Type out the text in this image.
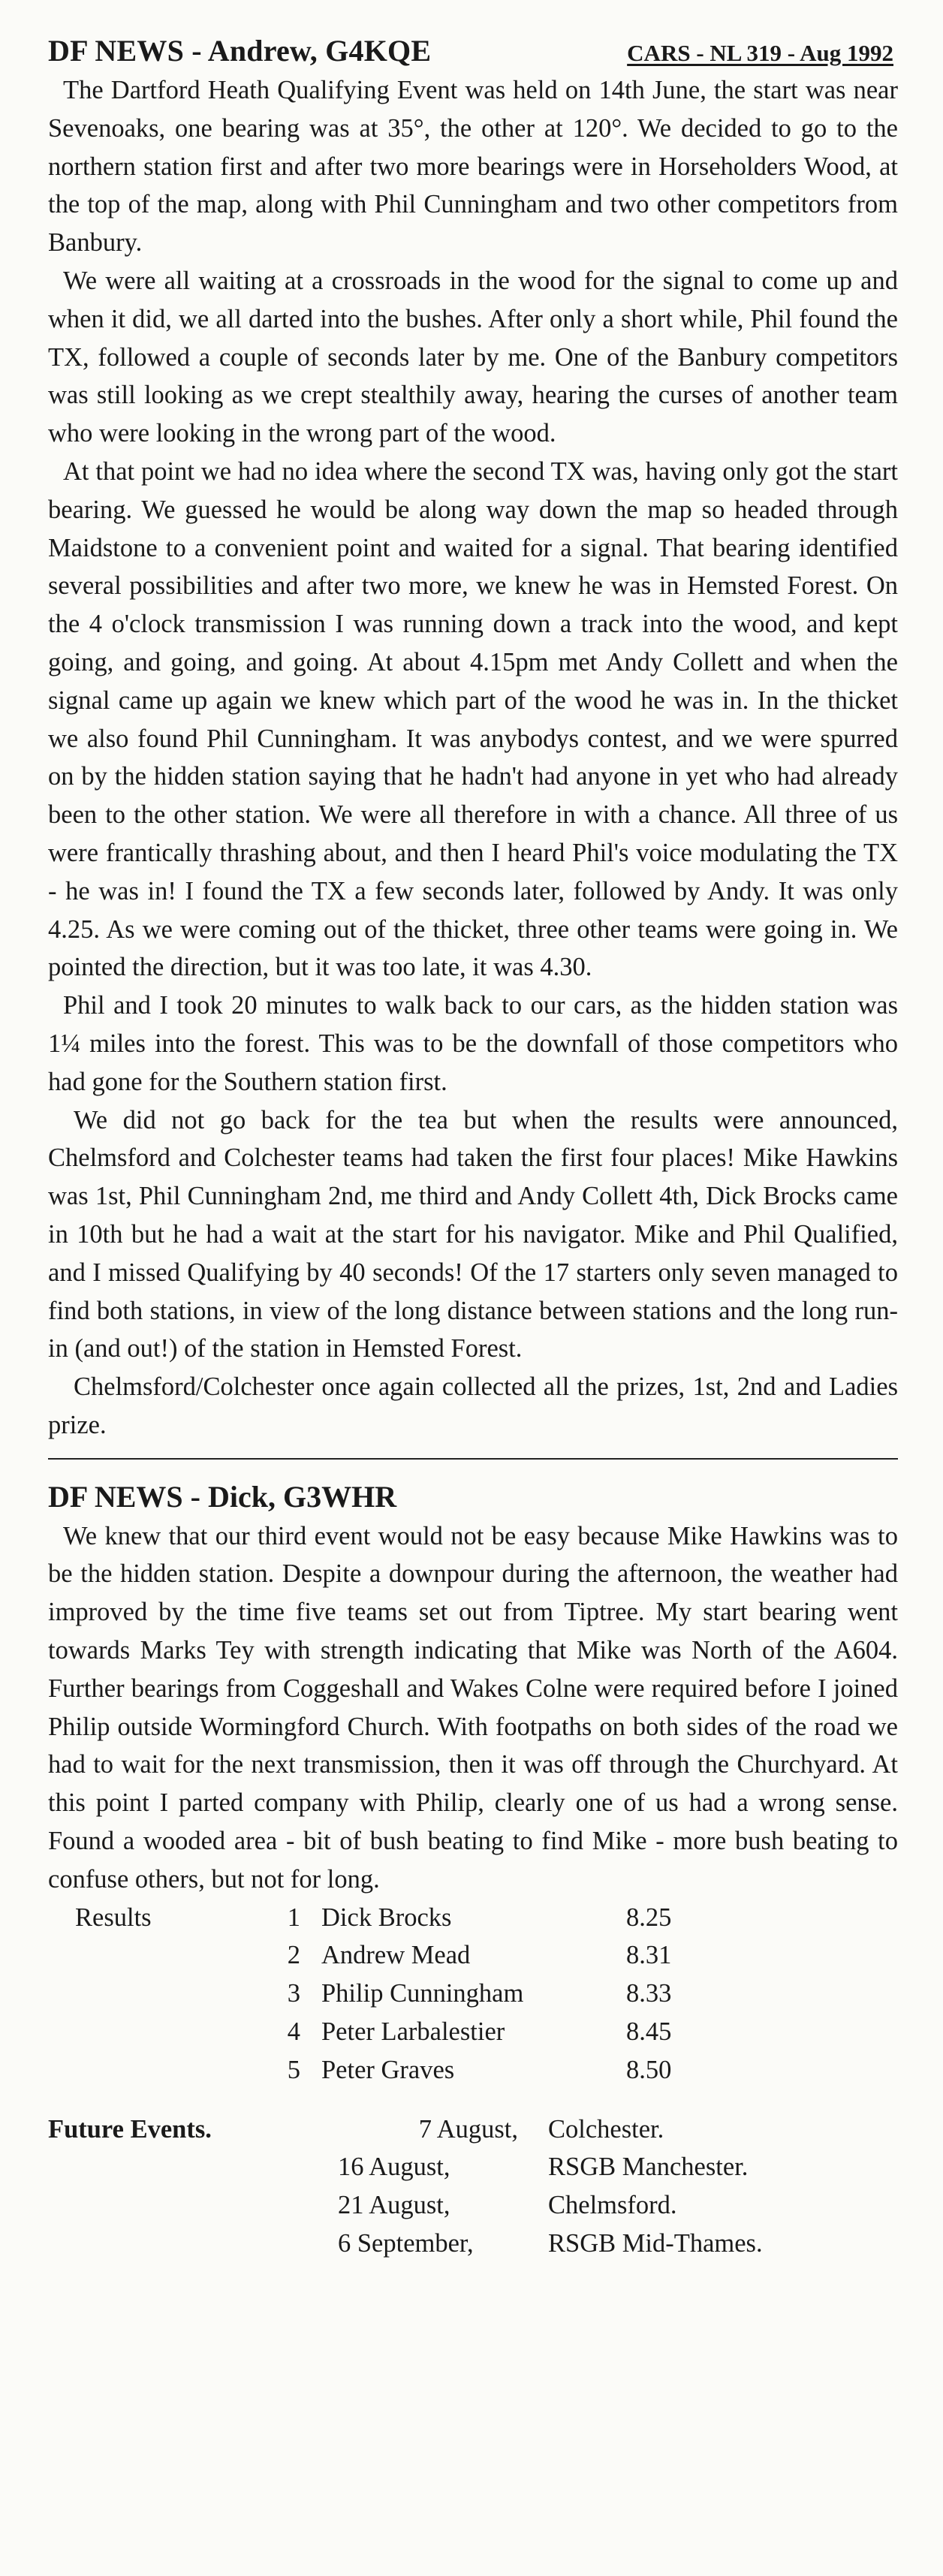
DF NEWS - Andrew, G4KQE	CARS - NL 319 - Aug 1992

The Dartford Heath Qualifying Event was held on 14th June, the start was near Sevenoaks, one bearing was at 35°, the other at 120°. We decided to go to the northern station first and after two more bearings were in Horseholders Wood, at the top of the map, along with Phil Cunningham and two other competitors from Banbury.

We were all waiting at a crossroads in the wood for the signal to come up and when it did, we all darted into the bushes. After only a short while, Phil found the TX, followed a couple of seconds later by me. One of the Banbury competitors was still looking as we crept stealthily away, hearing the curses of another team who were looking in the wrong part of the wood.

At that point we had no idea where the second TX was, having only got the start bearing. We guessed he would be along way down the map so headed through Maidstone to a convenient point and waited for a signal. That bearing identified several possibilities and after two more, we knew he was in Hemsted Forest. On the 4 o'clock transmission I was running down a track into the wood, and kept going, and going, and going. At about 4.15pm met Andy Collett and when the signal came up again we knew which part of the wood he was in. In the thicket we also found Phil Cunningham. It was anybodys contest, and we were spurred on by the hidden station saying that he hadn't had anyone in yet who had already been to the other station. We were all therefore in with a chance. All three of us were frantically thrashing about, and then I heard Phil's voice modulating the TX - he was in! I found the TX a few seconds later, followed by Andy. It was only 4.25. As we were coming out of the thicket, three other teams were going in. We pointed the direction, but it was too late, it was 4.30.

Phil and I took 20 minutes to walk back to our cars, as the hidden station was 1¼ miles into the forest. This was to be the downfall of those competitors who had gone for the Southern station first.

We did not go back for the tea but when the results were announced, Chelmsford and Colchester teams had taken the first four places! Mike Hawkins was 1st, Phil Cunningham 2nd, me third and Andy Collett 4th, Dick Brocks came in 10th but he had a wait at the start for his navigator. Mike and Phil Qualified, and I missed Qualifying by 40 seconds! Of the 17 starters only seven managed to find both stations, in view of the long distance between stations and the long run-in (and out!) of the station in Hemsted Forest.

Chelmsford/Colchester once again collected all the prizes, 1st, 2nd and Ladies prize.

DF NEWS - Dick, G3WHR

We knew that our third event would not be easy because Mike Hawkins was to be the hidden station. Despite a downpour during the afternoon, the weather had improved by the time five teams set out from Tiptree. My start bearing went towards Marks Tey with strength indicating that Mike was North of the A604. Further bearings from Coggeshall and Wakes Colne were required before I joined Philip outside Wormingford Church. With footpaths on both sides of the road we had to wait for the next transmission, then it was off through the Churchyard. At this point I parted company with Philip, clearly one of us had a wrong sense. Found a wooded area - bit of bush beating to find Mike - more bush beating to confuse others, but not for long.

Results	1 Dick Brocks	8.25
2 Andrew Mead	8.31
3 Philip Cunningham	8.33
4 Peter Larbalestier	8.45
5 Peter Graves	8.50
Future Events.	7 August,	Colchester.
16 August,	RSGB Manchester.
21 August,	Chelmsford.
6 September,	RSGB Mid-Thames.
